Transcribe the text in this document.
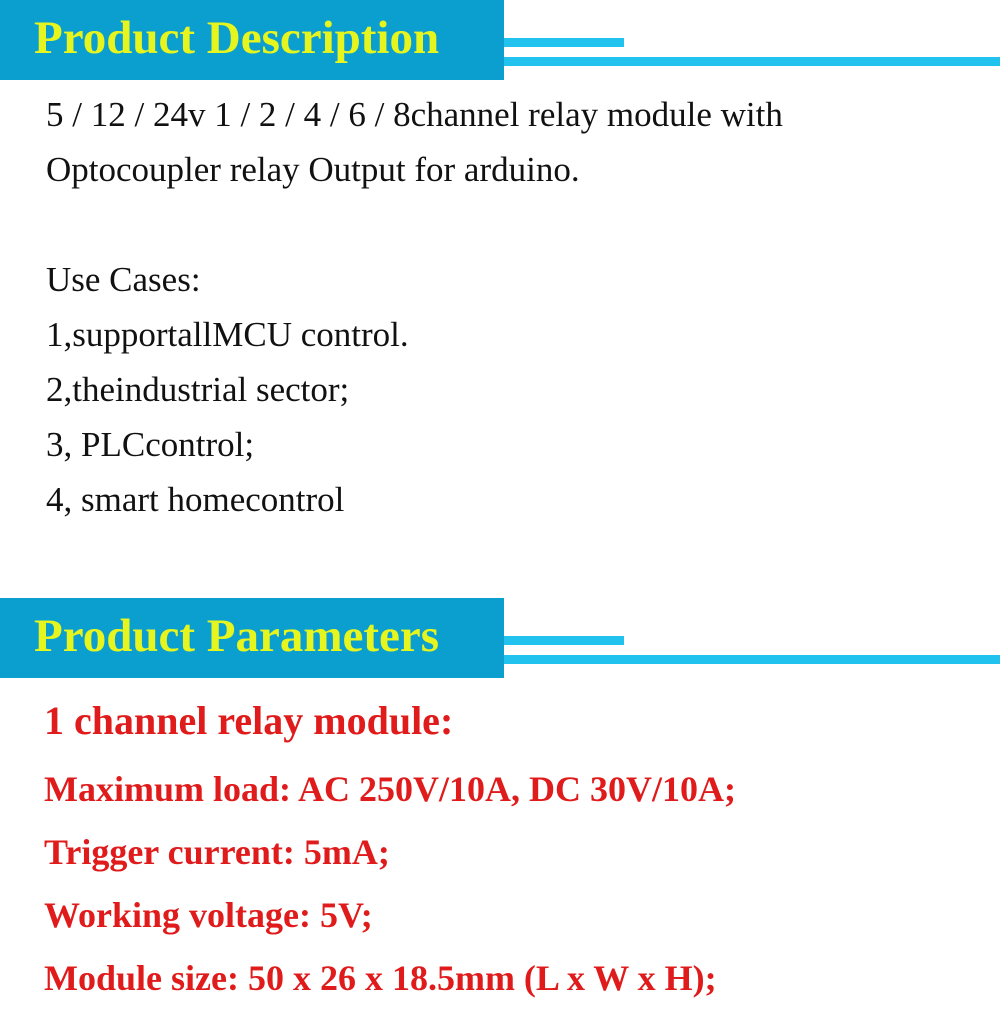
Product Description
5 / 12 / 24v 1 / 2 / 4 / 6 / 8channel relay module with
Optocoupler relay Output for arduino.
Use Cases:
1,supportallMCU control.
2,theindustrial sector;
3, PLCcontrol;
4, smart homecontrol
Product Parameters
1 channel relay module:
Maximum load: AC 250V/10A, DC 30V/10A;
Trigger current: 5mA;
Working voltage: 5V;
Module size: 50 x 26 x 18.5mm (L x W x H);
